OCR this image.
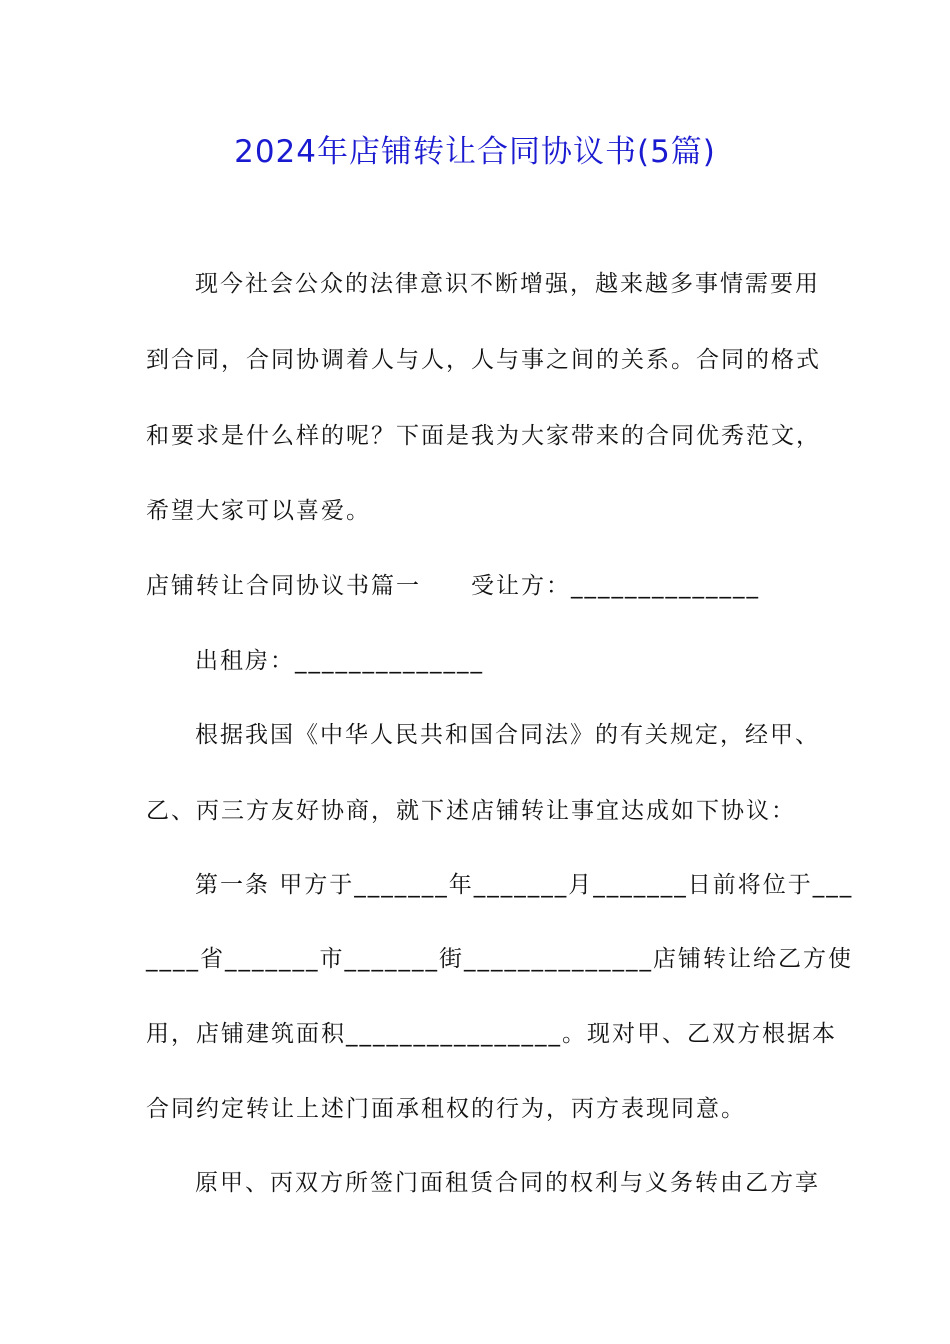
2024年店铺转让合同协议书(5篇)
现今社会公众的法律意识不断增强，越来越多事情需要用
到合同，合同协调着人与人，人与事之间的关系。合同的格式
和要求是什么样的呢？下面是我为大家带来的合同优秀范文，
希望大家可以喜爱。
店铺转让合同协议书篇一　　受让方：______________
出租房：______________
根据我国《中华人民共和国合同法》的有关规定，经甲、
乙、丙三方友好协商，就下述店铺转让事宜达成如下协议：
第一条 甲方于_______年_______月_______日前将位于___
____省_______市_______街______________店铺转让给乙方使
用，店铺建筑面积________________。现对甲、乙双方根据本
合同约定转让上述门面承租权的行为，丙方表现同意。
原甲、丙双方所签门面租赁合同的权利与义务转由乙方享
